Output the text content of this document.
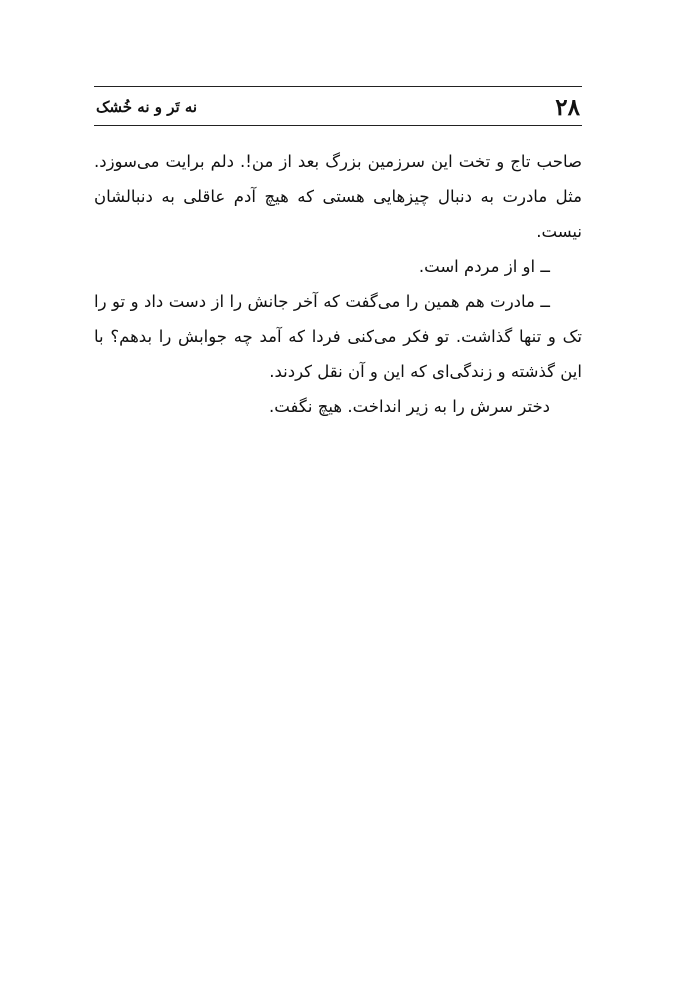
۲۸
نه تَر و نه خُشک

صاحب تاج و تخت این سرزمین بزرگ بعد از من!. دلم برایت می‌سوزد. مثل مادرت به دنبال چیزهایی هستی که هیچ آدم عاقلی به دنبالشان نیست.

ــ او از مردم است.

ــ مادرت هم همین را می‌گفت که آخر جانش را از دست داد و تو را تک و تنها گذاشت. تو فکر می‌کنی فردا که آمد چه جوابش را بدهم؟ با این گذشته و زندگی‌ای که این و آن نقل کردند.

دختر سرش را به زیر انداخت. هیچ نگفت.
